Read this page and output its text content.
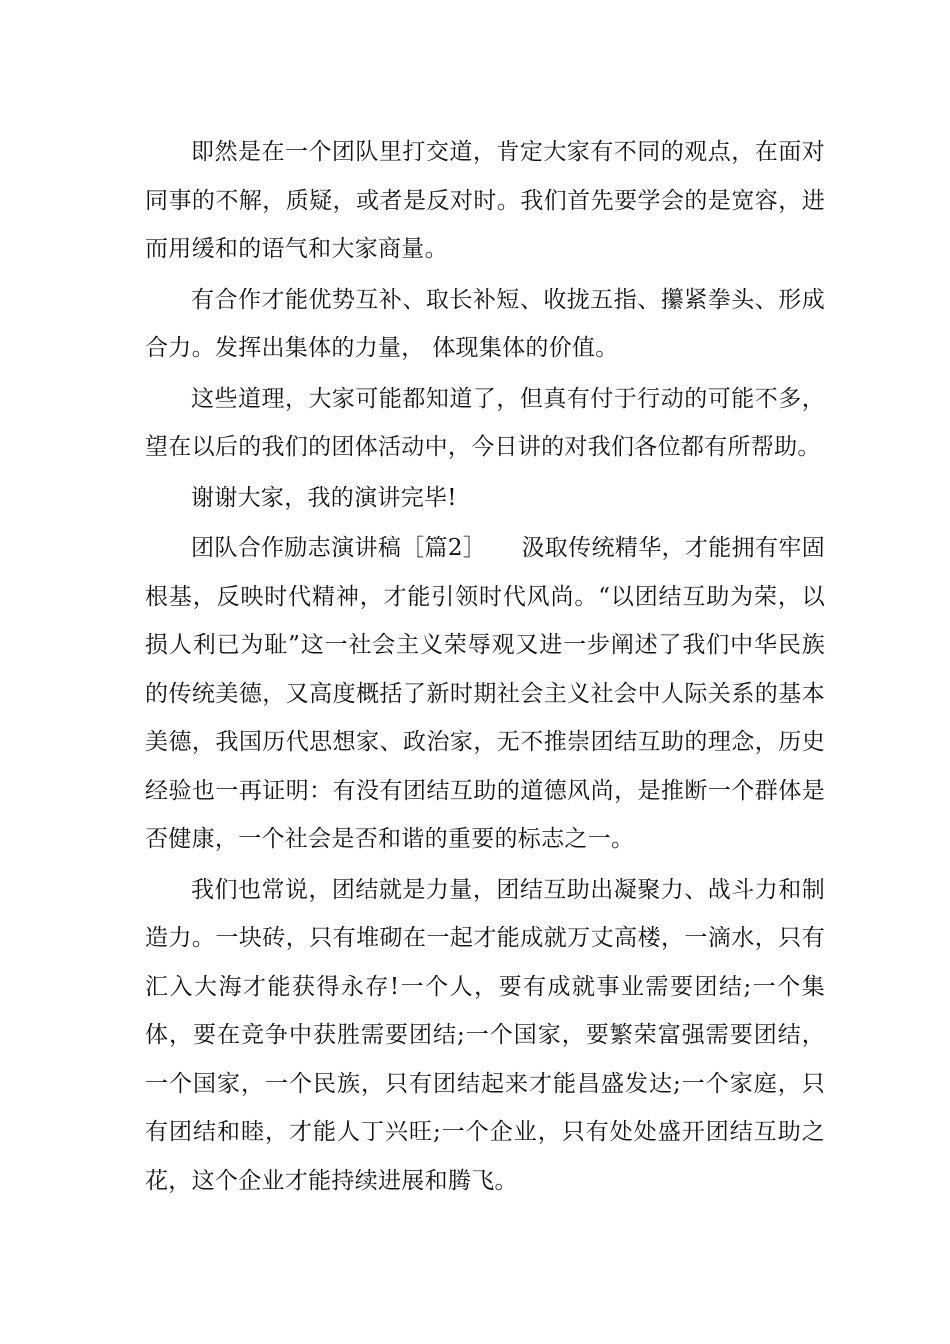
即然是在一个团队里打交道，肯定大家有不同的观点，在面对同事的不解，质疑，或者是反对时。我们首先要学会的是宽容，进而用缓和的语气和大家商量。

有合作才能优势互补、取长补短、收拢五指、攥紧拳头、形成合力。发挥出集体的力量， 体现集体的价值。

这些道理，大家可能都知道了，但真有付于行动的可能不多，望在以后的我们的团体活动中，今日讲的对我们各位都有所帮助。

谢谢大家，我的演讲完毕!

团队合作励志演讲稿［篇2］　　 汲取传统精华，才能拥有牢固根基，反映时代精神，才能引领时代风尚。“以团结互助为荣，以损人利已为耻”这一社会主义荣辱观又进一步阐述了我们中华民族的传统美德，又高度概括了新时期社会主义社会中人际关系的基本美德，我国历代思想家、政治家，无不推崇团结互助的理念，历史经验也一再证明：有没有团结互助的道德风尚，是推断一个群体是否健康，一个社会是否和谐的重要的标志之一。

我们也常说，团结就是力量，团结互助出凝聚力、战斗力和制造力。一块砖，只有堆砌在一起才能成就万丈高楼，一滴水，只有汇入大海才能获得永存!一个人，要有成就事业需要团结;一个集体，要在竞争中获胜需要团结;一个国家，要繁荣富强需要团结，一个国家，一个民族，只有团结起来才能昌盛发达;一个家庭，只有团结和睦，才能人丁兴旺;一个企业，只有处处盛开团结互助之花，这个企业才能持续进展和腾飞。
